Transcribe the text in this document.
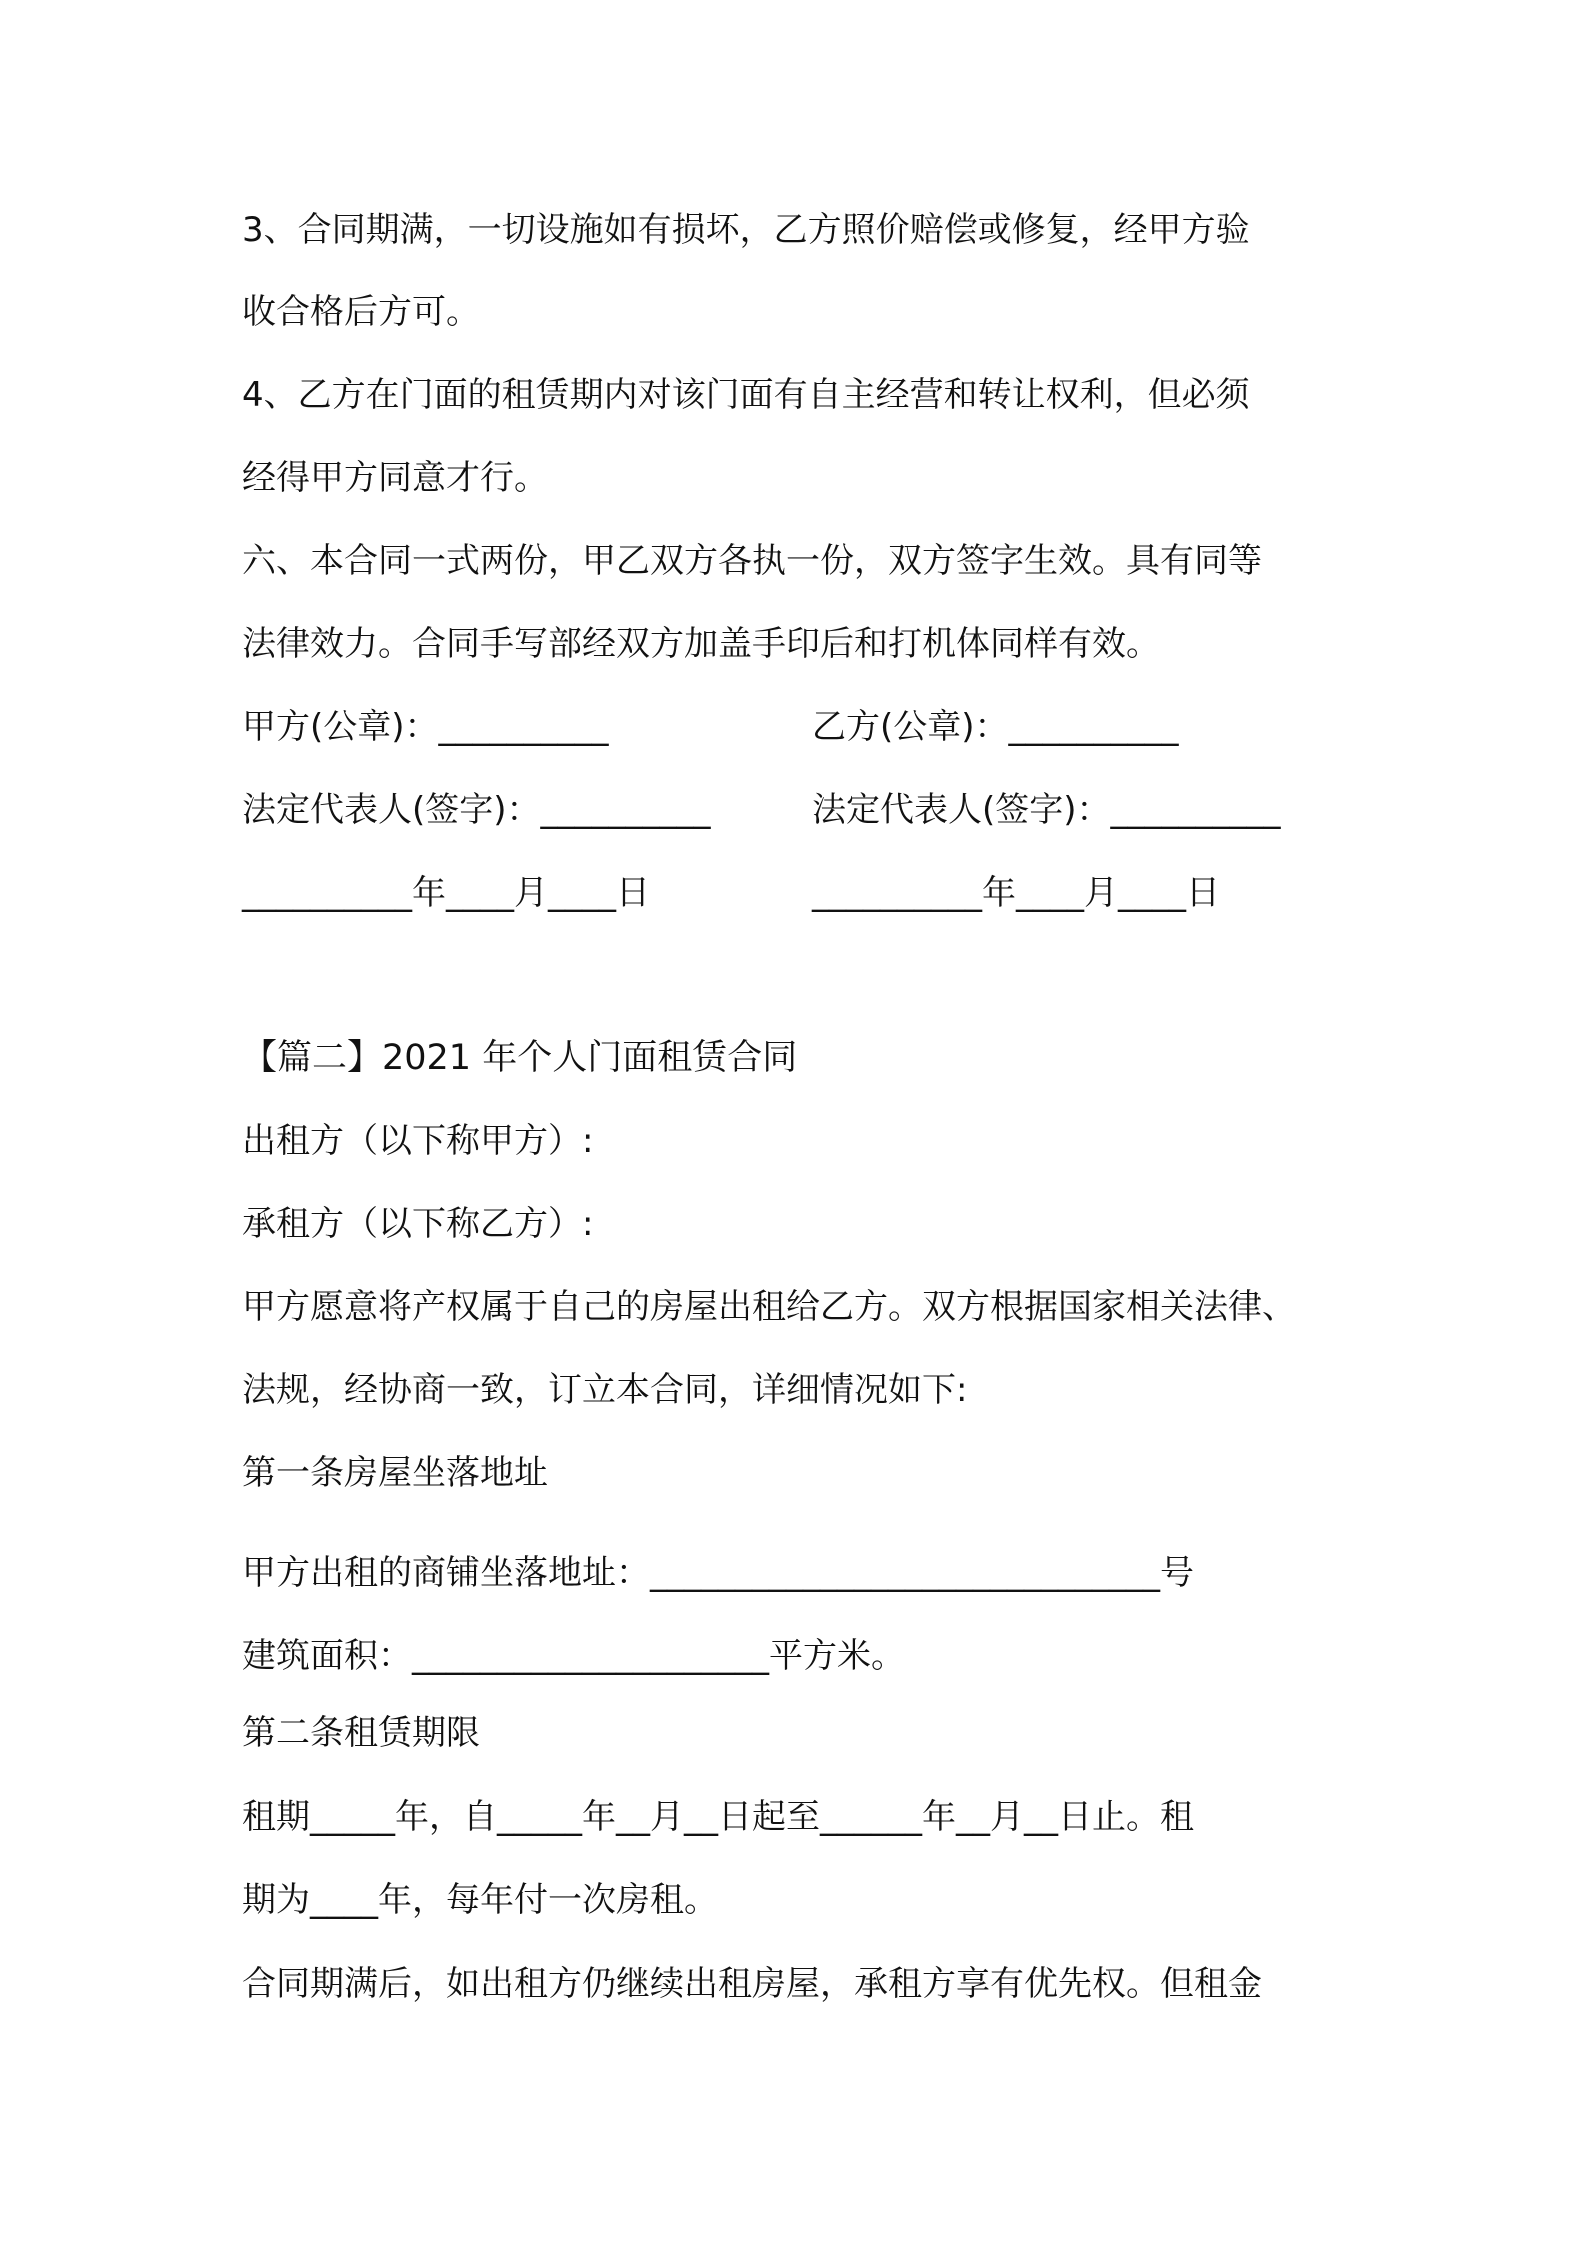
3、合同期满，一切设施如有损坏，乙方照价赔偿或修复，经甲方验

收合格后方可。

4、乙方在门面的租赁期内对该门面有自主经营和转让权利，但必须

经得甲方同意才行。

六、本合同一式两份，甲乙双方各执一份，双方签字生效。具有同等

法律效力。合同手写部经双方加盖手印后和打机体同样有效。

甲方(公章)：__________	乙方(公章)：__________

法定代表人(签字)：__________	法定代表人(签字)：__________

__________年____月____日	__________年____月____日

【篇二】2021 年个人门面租赁合同

出租方（以下称甲方）:

承租方（以下称乙方）:

甲方愿意将产权属于自己的房屋出租给乙方。双方根据国家相关法律、

法规，经协商一致，订立本合同，详细情况如下:

第一条房屋坐落地址

甲方出租的商铺坐落地址：______________________________号

建筑面积：_____________________平方米。

第二条租赁期限

租期_____年，自_____年__月__日起至______年__月__日止。租

期为____年，每年付一次房租。

合同期满后，如出租方仍继续出租房屋，承租方享有优先权。但租金
